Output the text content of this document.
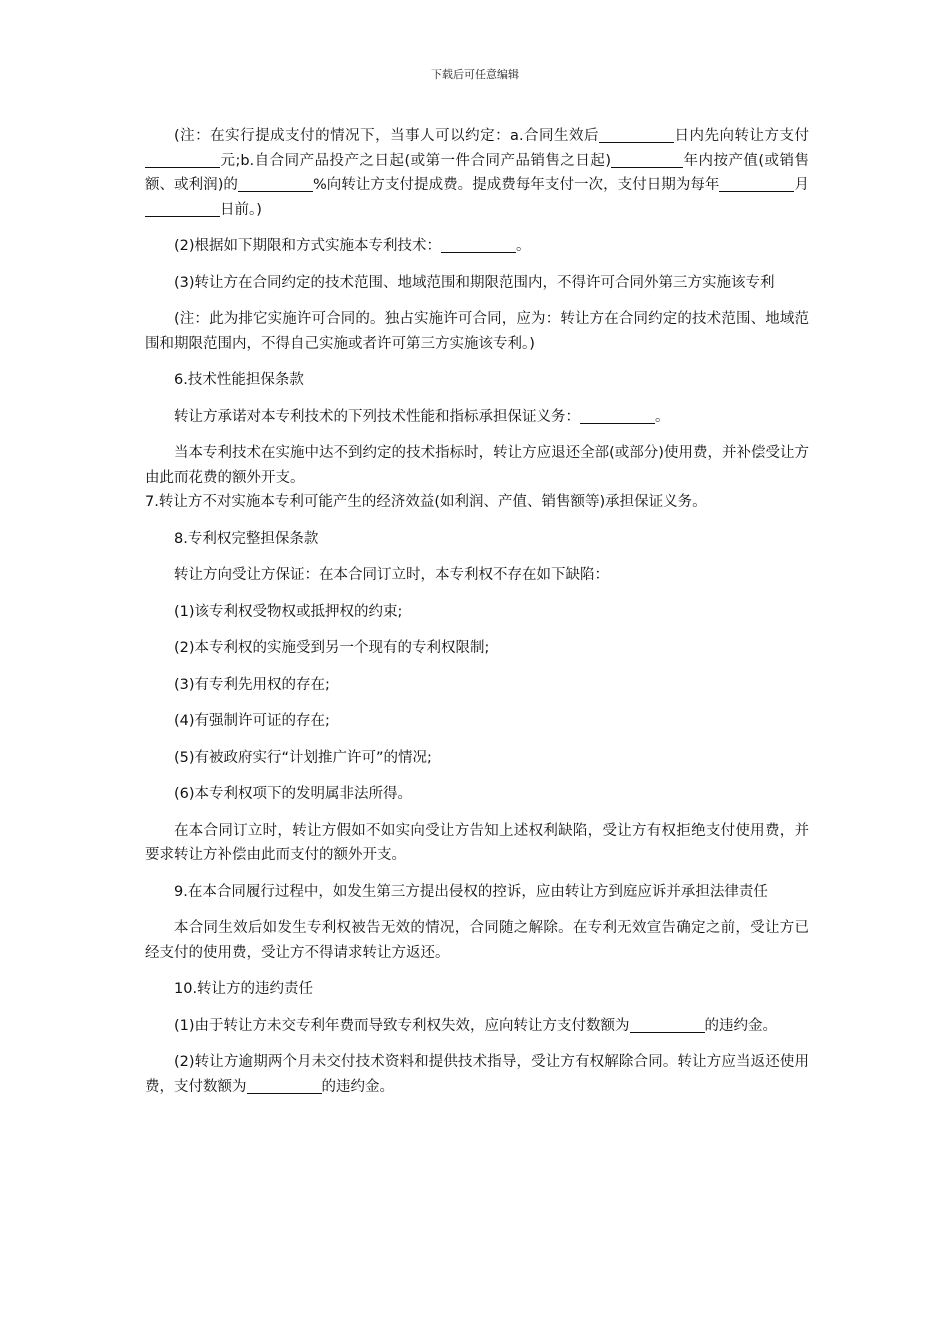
下载后可任意编辑

(注：在实行提成支付的情况下，当事人可以约定：a.合同生效后	日内先向转让方支付元;b.自合同产品投产之日起(或第一件合同产品销售之日起)	年内按产值(或销售额、或利润)的	%向转让方支付提成费。提成费每年支付一次，支付日期为每年	月日前。)

(2)根据如下期限和方式实施本专利技术：	。

(3)转让方在合同约定的技术范围、地域范围和期限范围内，不得许可合同外第三方实施该专利

(注：此为排它实施许可合同的。独占实施许可合同，应为：转让方在合同约定的技术范围、地域范围和期限范围内，不得自己实施或者许可第三方实施该专利。)

6.技术性能担保条款

转让方承诺对本专利技术的下列技术性能和指标承担保证义务：	。

当本专利技术在实施中达不到约定的技术指标时，转让方应退还全部(或部分)使用费，并补偿受让方由此而花费的额外开支。

7.转让方不对实施本专利可能产生的经济效益(如利润、产值、销售额等)承担保证义务。

8.专利权完整担保条款

转让方向受让方保证：在本合同订立时，本专利权不存在如下缺陷：

(1)该专利权受物权或抵押权的约束;

(2)本专利权的实施受到另一个现有的专利权限制;

(3)有专利先用权的存在;

(4)有强制许可证的存在;

(5)有被政府实行“计划推广许可”的情况;

(6)本专利权项下的发明属非法所得。

在本合同订立时，转让方假如不如实向受让方告知上述权利缺陷，受让方有权拒绝支付使用费，并要求转让方补偿由此而支付的额外开支。

9.在本合同履行过程中，如发生第三方提出侵权的控诉，应由转让方到庭应诉并承担法律责任

本合同生效后如发生专利权被告无效的情况，合同随之解除。在专利无效宣告确定之前，受让方已经支付的使用费，受让方不得请求转让方返还。

10.转让方的违约责任

(1)由于转让方未交专利年费而导致专利权失效，应向转让方支付数额为	的违约金。

(2)转让方逾期两个月未交付技术资料和提供技术指导，受让方有权解除合同。转让方应当返还使用费，支付数额为	的违约金。
